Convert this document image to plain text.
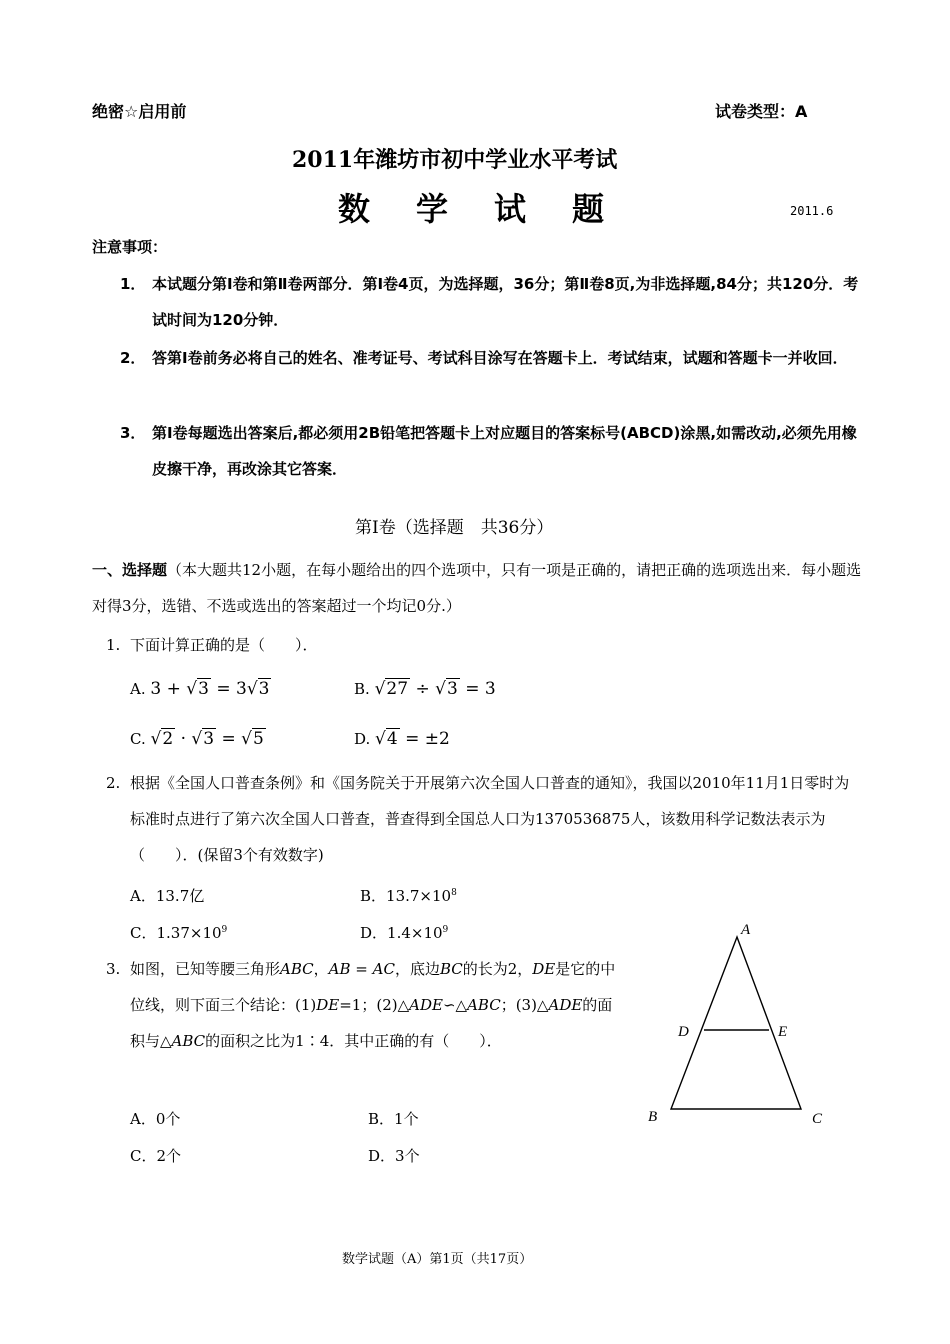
绝密☆启用前	试卷类型：A
2011年潍坊市初中学业水平考试
数学试题	2011.6
注意事项：
1． 本试题分第Ⅰ卷和第Ⅱ卷两部分．第Ⅰ卷4页，为选择题，36分；第Ⅱ卷8页,为非选择题,84分；共120分．考试时间为120分钟．
2． 答第Ⅰ卷前务必将自己的姓名、准考证号、考试科目涂写在答题卡上．考试结束，试题和答题卡一并收回．
3． 第Ⅰ卷每题选出答案后,都必须用2B铅笔把答题卡上对应题目的答案标号(ABCD)涂黑,如需改动,必须先用橡皮擦干净，再改涂其它答案．
第Ⅰ卷（选择题　共36分）
一、选择题（本大题共12小题，在每小题给出的四个选项中，只有一项是正确的，请把正确的选项选出来．每小题选对得3分，选错、不选或选出的答案超过一个均记0分.）
1. 下面计算正确的是（　　）．
A. 3 + √3 = 3√3	B. √27 ÷ √3 = 3
C. √2 · √3 = √5	D. √4 = ±2
2. 根据《全国人口普查条例》和《国务院关于开展第六次全国人口普查的通知》，我国以2010年11月1日零时为标准时点进行了第六次全国人口普查，普查得到全国总人口为1370536875人，该数用科学记数法表示为（　　）．(保留3个有效数字)
A．13.7亿	B．$13.7\times 10^8$
C．$1.37\times 10^9$	D．$1.4\times 10^9$
3. 如图，已知等腰三角形ABC，AB = AC，底边BC的长为2，DE是它的中位线，则下面三个结论：(1)DE=1；(2)△ADE∽△ABC；(3)△ADE的面积与△ABC的面积之比为1∶4．其中正确的有（　　）．
A．0个	B．1个
C．2个	D．3个
A
D	E
B	C
数学试题（A）第1页（共17页）
